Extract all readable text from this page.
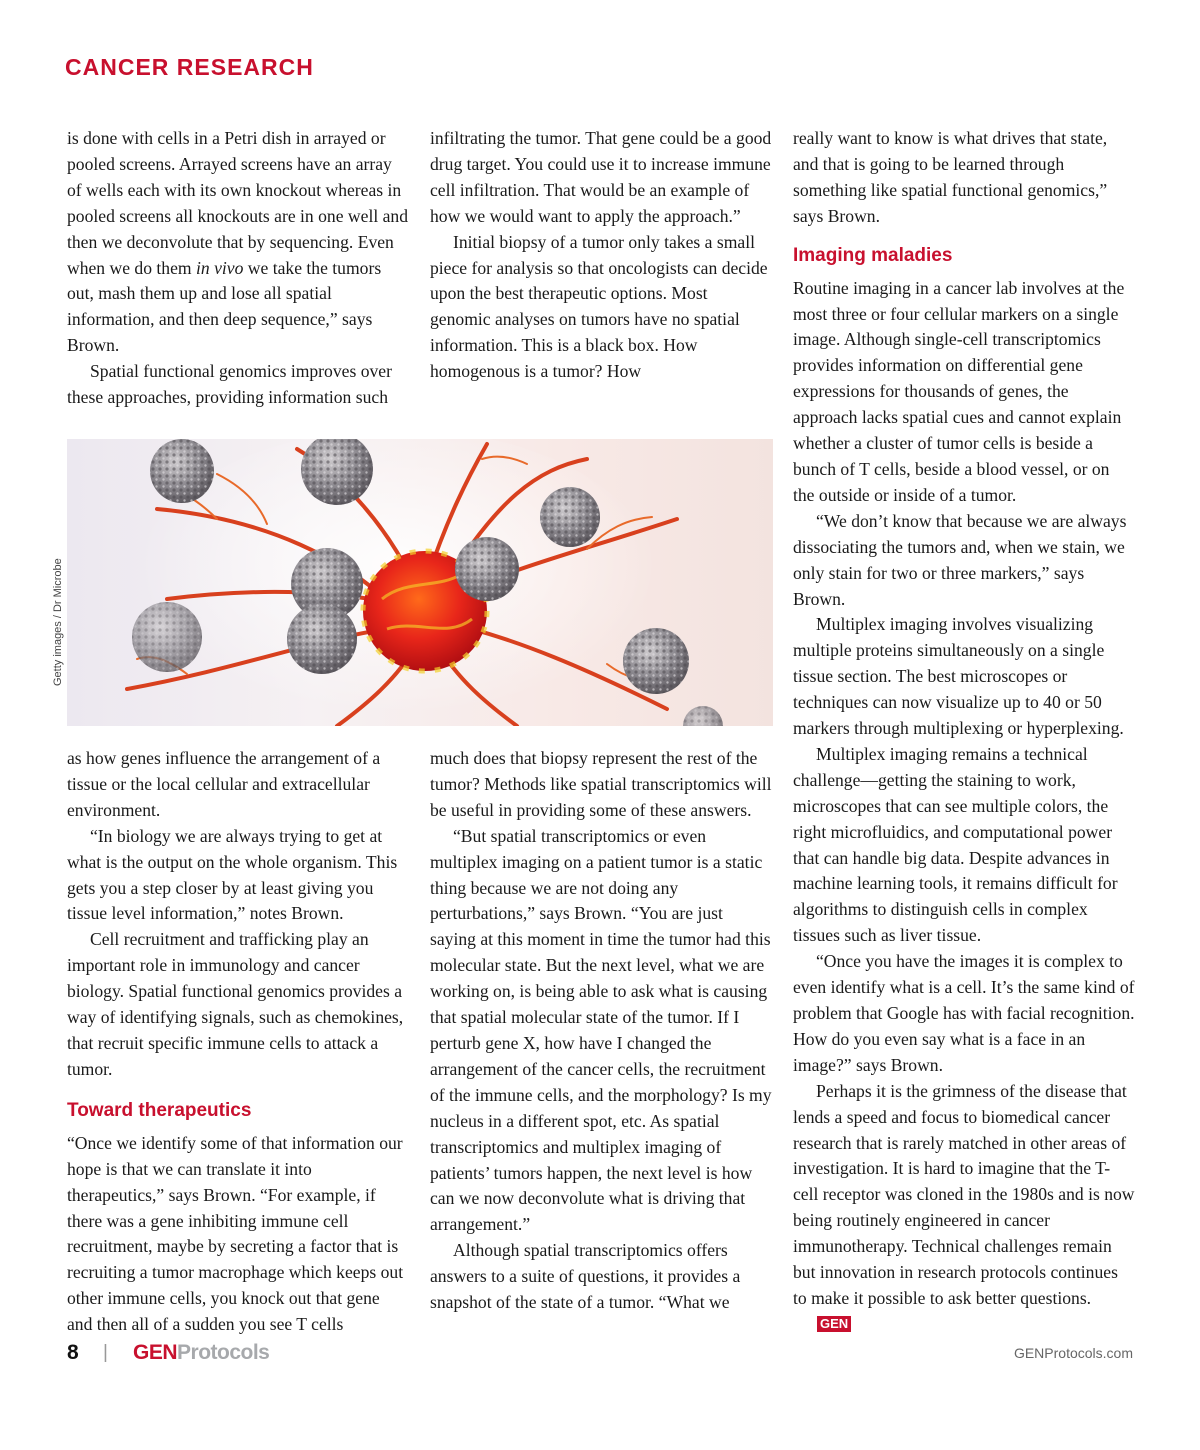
CANCER RESEARCH

is done with cells in a Petri dish in arrayed or pooled screens. Arrayed screens have an array of wells each with its own knockout whereas in pooled screens all knockouts are in one well and then we deconvolute that by sequencing. Even when we do them in vivo we take the tumors out, mash them up and lose all spatial information, and then deep sequence,” says Brown.

Spatial functional genomics improves over these approaches, providing information such

infiltrating the tumor. That gene could be a good drug target. You could use it to increase immune cell infiltration. That would be an example of how we would want to apply the approach.”

Initial biopsy of a tumor only takes a small piece for analysis so that oncologists can decide upon the best therapeutic options. Most genomic analyses on tumors have no spatial information. This is a black box. How homogenous is a tumor? How

really want to know is what drives that state, and that is going to be learned through something like spatial functional genomics,” says Brown.

Imaging maladies

Routine imaging in a cancer lab involves at the most three or four cellular markers on a single image. Although single-cell transcriptomics provides information on differential gene expressions for thousands of genes, the approach lacks spatial cues and cannot explain whether a cluster of tumor cells is beside a bunch of T cells, beside a blood vessel, or on the outside or inside of a tumor.

“We don’t know that because we are always dissociating the tumors and, when we stain, we only stain for two or three markers,” says Brown.

Multiplex imaging involves visualizing multiple proteins simultaneously on a single tissue section. The best microscopes or techniques can now visualize up to 40 or 50 markers through multiplexing or hyperplexing.

Multiplex imaging remains a technical challenge—getting the staining to work, microscopes that can see multiple colors, the right microfluidics, and computational power that can handle big data. Despite advances in machine learning tools, it remains difficult for algorithms to distinguish cells in complex tissues such as liver tissue.

“Once you have the images it is complex to even identify what is a cell. It’s the same kind of problem that Google has with facial recognition. How do you even say what is a face in an image?” says Brown.

Perhaps it is the grimness of the disease that lends a speed and focus to biomedical cancer research that is rarely matched in other areas of investigation. It is hard to imagine that the T-cell receptor was cloned in the 1980s and is now being routinely engineered in cancer immunotherapy. Technical challenges remain but innovation in research protocols continues to make it possible to ask better questions.GEN

Getty images / Dr Microbe

as how genes influence the arrangement of a tissue or the local cellular and extracellular environment.

“In biology we are always trying to get at what is the output on the whole organism. This gets you a step closer by at least giving you tissue level information,” notes Brown.

Cell recruitment and trafficking play an important role in immunology and cancer biology. Spatial functional genomics provides a way of identifying signals, such as chemokines, that recruit specific immune cells to attack a tumor.

Toward therapeutics

“Once we identify some of that information our hope is that we can translate it into therapeutics,” says Brown. “For example, if there was a gene inhibiting immune cell recruitment, maybe by secreting a factor that is recruiting a tumor macrophage which keeps out other immune cells, you knock out that gene and then all of a sudden you see T cells

much does that biopsy represent the rest of the tumor? Methods like spatial transcriptomics will be useful in providing some of these answers.

“But spatial transcriptomics or even multiplex imaging on a patient tumor is a static thing because we are not doing any perturbations,” says Brown. “You are just saying at this moment in time the tumor had this molecular state. But the next level, what we are working on, is being able to ask what is causing that spatial molecular state of the tumor. If I perturb gene X, how have I changed the arrangement of the cancer cells, the recruitment of the immune cells, and the morphology? Is my nucleus in a different spot, etc. As spatial transcriptomics and multiplex imaging of patients’ tumors happen, the next level is how can we now deconvolute what is driving that arrangement.”

Although spatial transcriptomics offers answers to a suite of questions, it provides a snapshot of the state of a tumor. “What we

8 | GENProtocols	GENProtocols.com
